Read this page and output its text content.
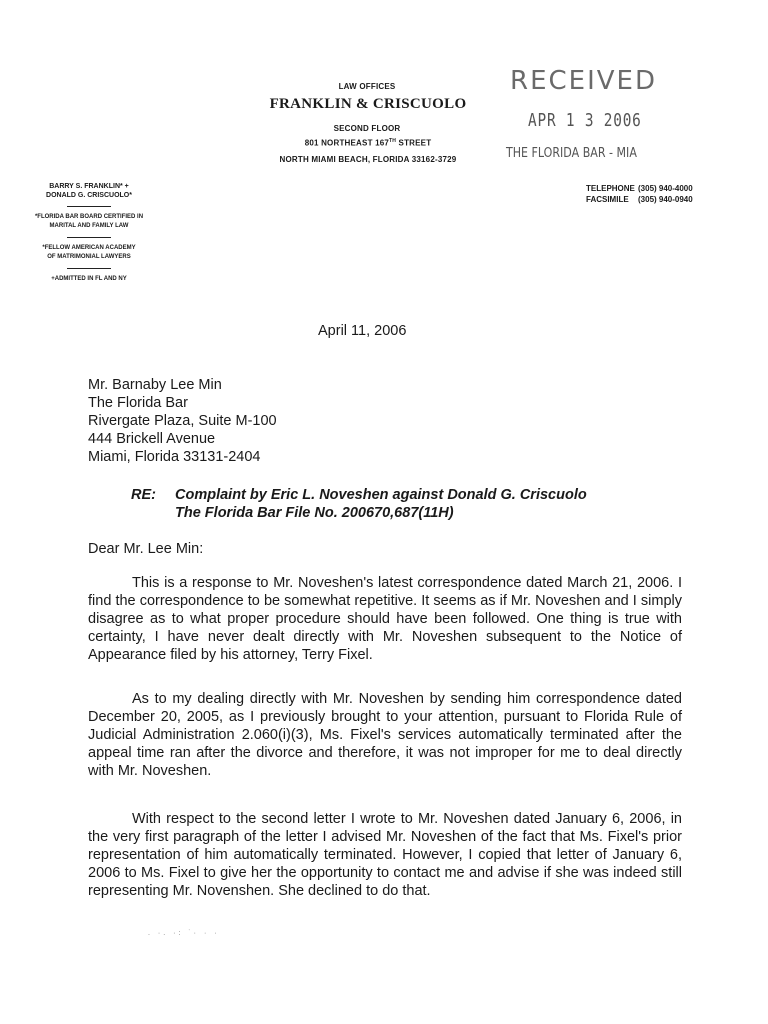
LAW OFFICES
FRANKLIN & CRISCUOLO
SECOND FLOOR
801 NORTHEAST 167TH STREET
NORTH MIAMI BEACH, FLORIDA 33162-3729
RECEIVED
APR 1 3 2006
THE FLORIDA BAR - MIA

BARRY S. FRANKLIN* +

DONALD G. CRISCUOLO*

*FLORIDA BAR BOARD CERTIFIED IN

MARITAL AND FAMILY LAW

*FELLOW AMERICAN ACADEMY

OF MATRIMONIAL LAWYERS

+ADMITTED IN FL AND NY

TELEPHONE (305) 940-4000
FACSIMILE (305) 940-0940
April 11, 2006
Mr. Barnaby Lee Min
The Florida Bar
Rivergate Plaza, Suite M-100
444 Brickell Avenue
Miami, Florida 33131-2404
RE: Complaint by Eric L. Noveshen against Donald G. Criscuolo
The Florida Bar File No. 200670,687(11H)
Dear Mr. Lee Min:
This is a response to Mr. Noveshen's latest correspondence dated March 21, 2006. I find the correspondence to be somewhat repetitive. It seems as if Mr. Noveshen and I simply disagree as to what proper procedure should have been followed. One thing is true with certainty, I have never dealt directly with Mr. Noveshen subsequent to the Notice of Appearance filed by his attorney, Terry Fixel.
As to my dealing directly with Mr. Noveshen by sending him correspondence dated December 20, 2005, as I previously brought to your attention, pursuant to Florida Rule of Judicial Administration 2.060(i)(3), Ms. Fixel's services automatically terminated after the appeal time ran after the divorce and therefore, it was not improper for me to deal directly with Mr. Noveshen.
With respect to the second letter I wrote to Mr. Noveshen dated January 6, 2006, in the very first paragraph of the letter I advised Mr. Noveshen of the fact that Ms. Fixel's prior representation of him automatically terminated. However, I copied that letter of January 6, 2006 to Ms. Fixel to give her the opportunity to contact me and advise if she was indeed still representing Mr. Novenshen. She declined to do that.
. ·. ·: ˙· · ·
